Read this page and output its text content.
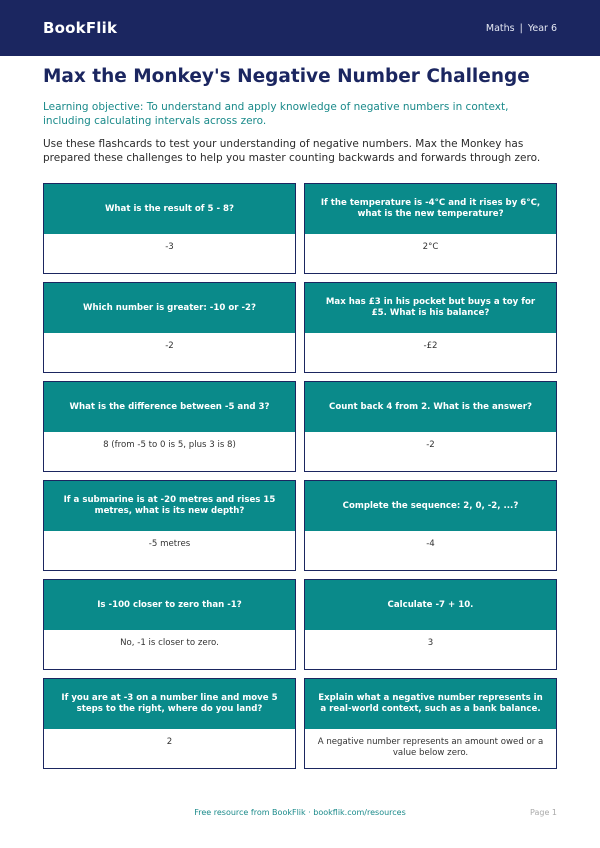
BookFlik	Maths | Year 6
Max the Monkey's Negative Number Challenge

Learning objective: To understand and apply knowledge of negative numbers in context, including calculating intervals across zero.

Use these flashcards to test your understanding of negative numbers. Max the Monkey has prepared these challenges to help you master counting backwards and forwards through zero.

What is the result of 5 - 8?
-3
If the temperature is -4°C and it rises by 6°C, what is the new temperature?
2°C
Which number is greater: -10 or -2?
-2
Max has £3 in his pocket but buys a toy for £5. What is his balance?
-£2
What is the difference between -5 and 3?
8 (from -5 to 0 is 5, plus 3 is 8)
Count back 4 from 2. What is the answer?
-2
If a submarine is at -20 metres and rises 15 metres, what is its new depth?
-5 metres
Complete the sequence: 2, 0, -2, ...?
-4
Is -100 closer to zero than -1?
No, -1 is closer to zero.
Calculate -7 + 10.
3
If you are at -3 on a number line and move 5 steps to the right, where do you land?
2
Explain what a negative number represents in a real-world context, such as a bank balance.
A negative number represents an amount owed or a value below zero.
Free resource from BookFlik · bookflik.com/resources	Page 1
